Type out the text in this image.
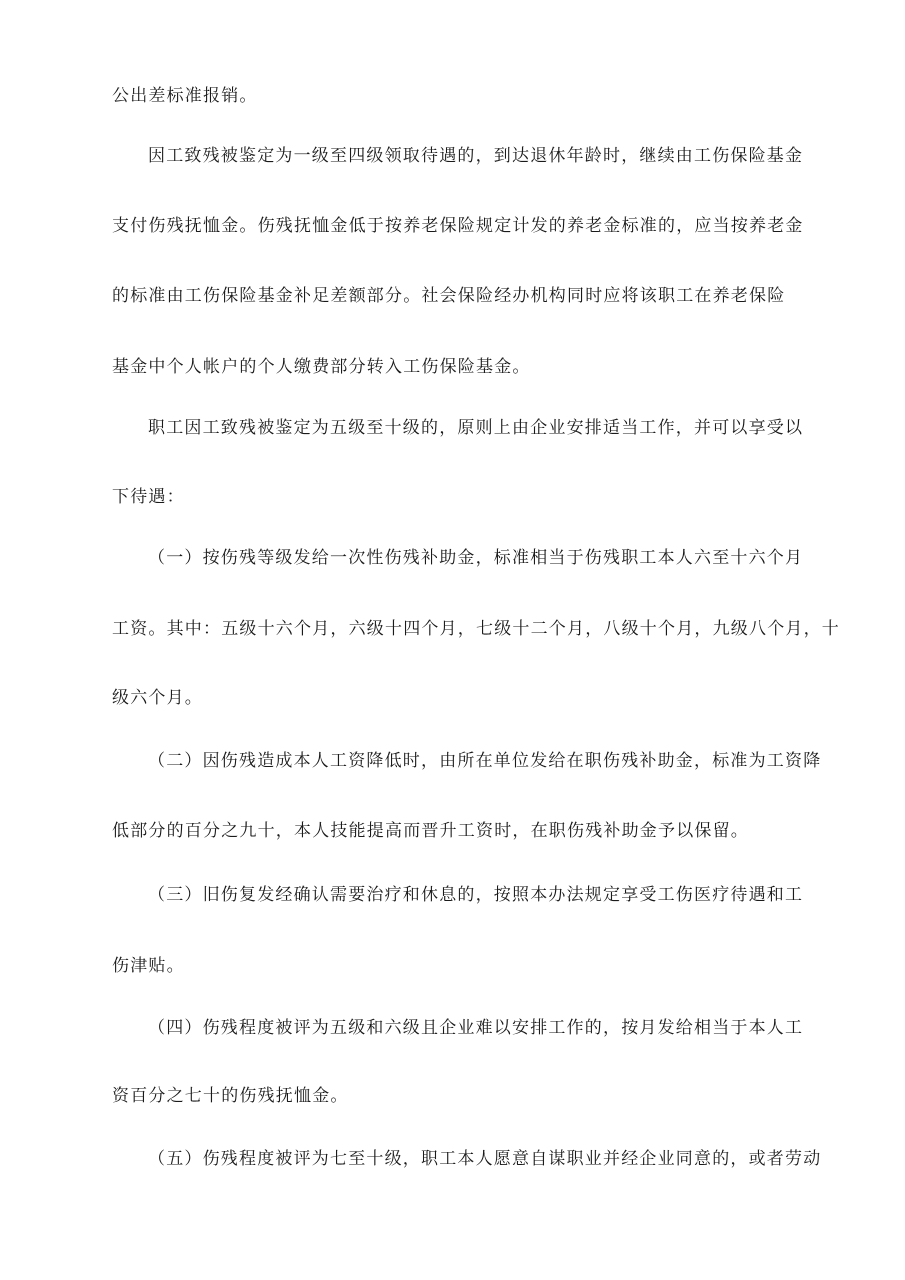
公出差标准报销。
因工致残被鉴定为一级至四级领取待遇的，到达退休年龄时，继续由工伤保险基金
支付伤残抚恤金。伤残抚恤金低于按养老保险规定计发的养老金标准的，应当按养老金
的标准由工伤保险基金补足差额部分。社会保险经办机构同时应将该职工在养老保险
基金中个人帐户的个人缴费部分转入工伤保险基金。
职工因工致残被鉴定为五级至十级的，原则上由企业安排适当工作，并可以享受以
下待遇：
（一）按伤残等级发给一次性伤残补助金，标准相当于伤残职工本人六至十六个月
工资。其中：五级十六个月，六级十四个月，七级十二个月，八级十个月，九级八个月，十
级六个月。
（二）因伤残造成本人工资降低时，由所在单位发给在职伤残补助金，标准为工资降
低部分的百分之九十，本人技能提高而晋升工资时，在职伤残补助金予以保留。
（三）旧伤复发经确认需要治疗和休息的，按照本办法规定享受工伤医疗待遇和工
伤津贴。
（四）伤残程度被评为五级和六级且企业难以安排工作的，按月发给相当于本人工
资百分之七十的伤残抚恤金。
（五）伤残程度被评为七至十级，职工本人愿意自谋职业并经企业同意的，或者劳动
